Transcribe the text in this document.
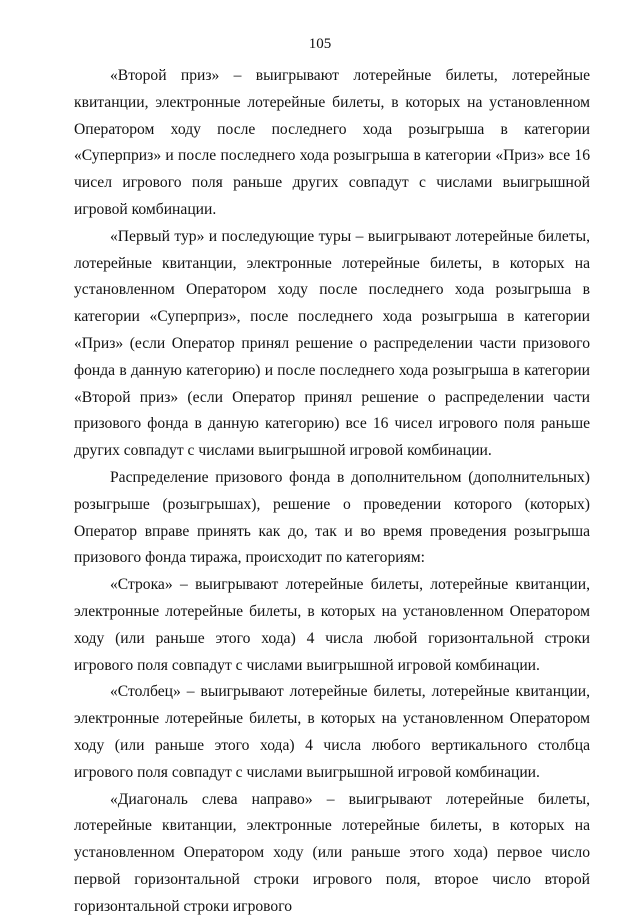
105

«Второй приз» – выигрывают лотерейные билеты, лотерейные квитанции, электронные лотерейные билеты, в которых на установленном Оператором ходу после последнего хода розыгрыша в категории «Суперприз» и после последнего хода розыгрыша в категории «Приз» все 16 чисел игрового поля раньше других совпадут с числами выигрышной игровой комбинации.

«Первый тур» и последующие туры – выигрывают лотерейные билеты, лотерейные квитанции, электронные лотерейные билеты, в которых на установленном Оператором ходу после последнего хода розыгрыша в категории «Суперприз», после последнего хода розыгрыша в категории «Приз» (если Оператор принял решение о распределении части призового фонда в данную категорию) и после последнего хода розыгрыша в категории «Второй приз» (если Оператор принял решение о распределении части призового фонда в данную категорию) все 16 чисел игрового поля раньше других совпадут с числами выигрышной игровой комбинации.

Распределение призового фонда в дополнительном (дополнительных) розыгрыше (розыгрышах), решение о проведении которого (которых) Оператор вправе принять как до, так и во время проведения розыгрыша призового фонда тиража, происходит по категориям:

«Строка» – выигрывают лотерейные билеты, лотерейные квитанции, электронные лотерейные билеты, в которых на установленном Оператором ходу (или раньше этого хода) 4 числа любой горизонтальной строки игрового поля совпадут с числами выигрышной игровой комбинации.

«Столбец» – выигрывают лотерейные билеты, лотерейные квитанции, электронные лотерейные билеты, в которых на установленном Оператором ходу (или раньше этого хода) 4 числа любого вертикального столбца игрового поля совпадут с числами выигрышной игровой комбинации.

«Диагональ слева направо» – выигрывают лотерейные билеты, лотерейные квитанции, электронные лотерейные билеты, в которых на установленном Оператором ходу (или раньше этого хода) первое число первой горизонтальной строки игрового поля, второе число второй горизонтальной строки игрового
